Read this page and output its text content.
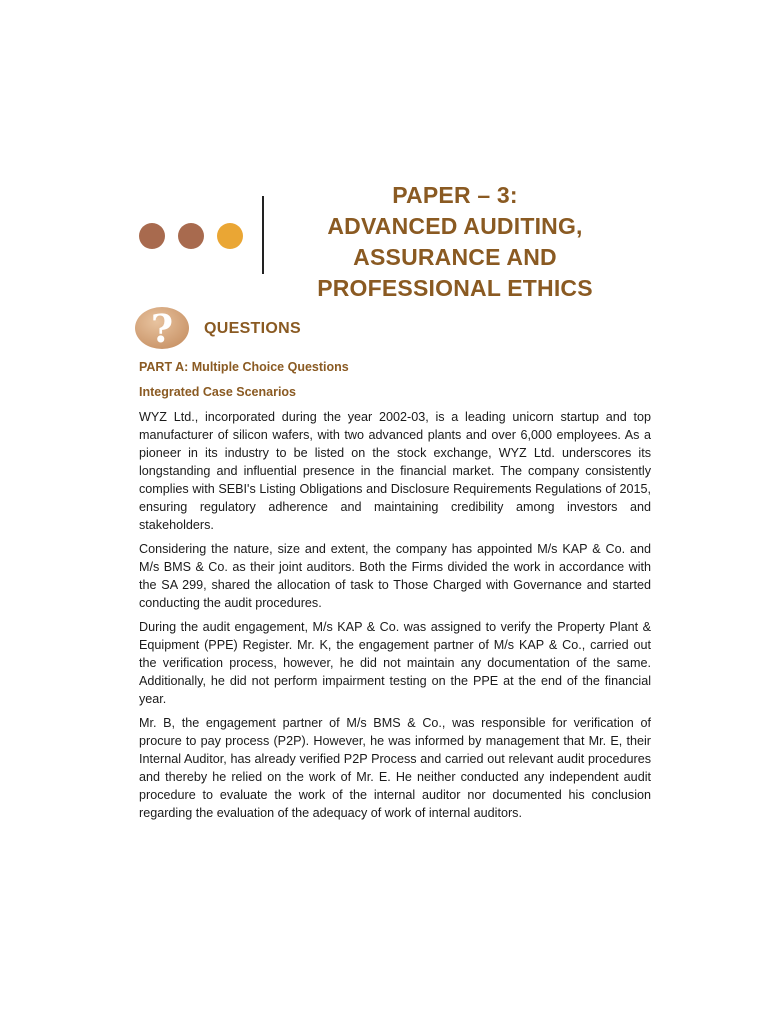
PAPER – 3:
ADVANCED AUDITING,
ASSURANCE AND
PROFESSIONAL ETHICS
? QUESTIONS
PART A: Multiple Choice Questions
Integrated Case Scenarios

WYZ Ltd., incorporated during the year 2002-03, is a leading unicorn startup and top manufacturer of silicon wafers, with two advanced plants and over 6,000 employees. As a pioneer in its industry to be listed on the stock exchange, WYZ Ltd. underscores its longstanding and influential presence in the financial market. The company consistently complies with SEBI's Listing Obligations and Disclosure Requirements Regulations of 2015, ensuring regulatory adherence and maintaining credibility among investors and stakeholders.

Considering the nature, size and extent, the company has appointed M/s KAP & Co. and M/s BMS & Co. as their joint auditors. Both the Firms divided the work in accordance with the SA 299, shared the allocation of task to Those Charged with Governance and started conducting the audit procedures.

During the audit engagement, M/s KAP & Co. was assigned to verify the Property Plant & Equipment (PPE) Register. Mr. K, the engagement partner of M/s KAP & Co., carried out the verification process, however, he did not maintain any documentation of the same. Additionally, he did not perform impairment testing on the PPE at the end of the financial year.

Mr. B, the engagement partner of M/s BMS & Co., was responsible for verification of procure to pay process (P2P). However, he was informed by management that Mr. E, their Internal Auditor, has already verified P2P Process and carried out relevant audit procedures and thereby he relied on the work of Mr. E. He neither conducted any independent audit procedure to evaluate the work of the internal auditor nor documented his conclusion regarding the evaluation of the adequacy of work of internal auditors.
